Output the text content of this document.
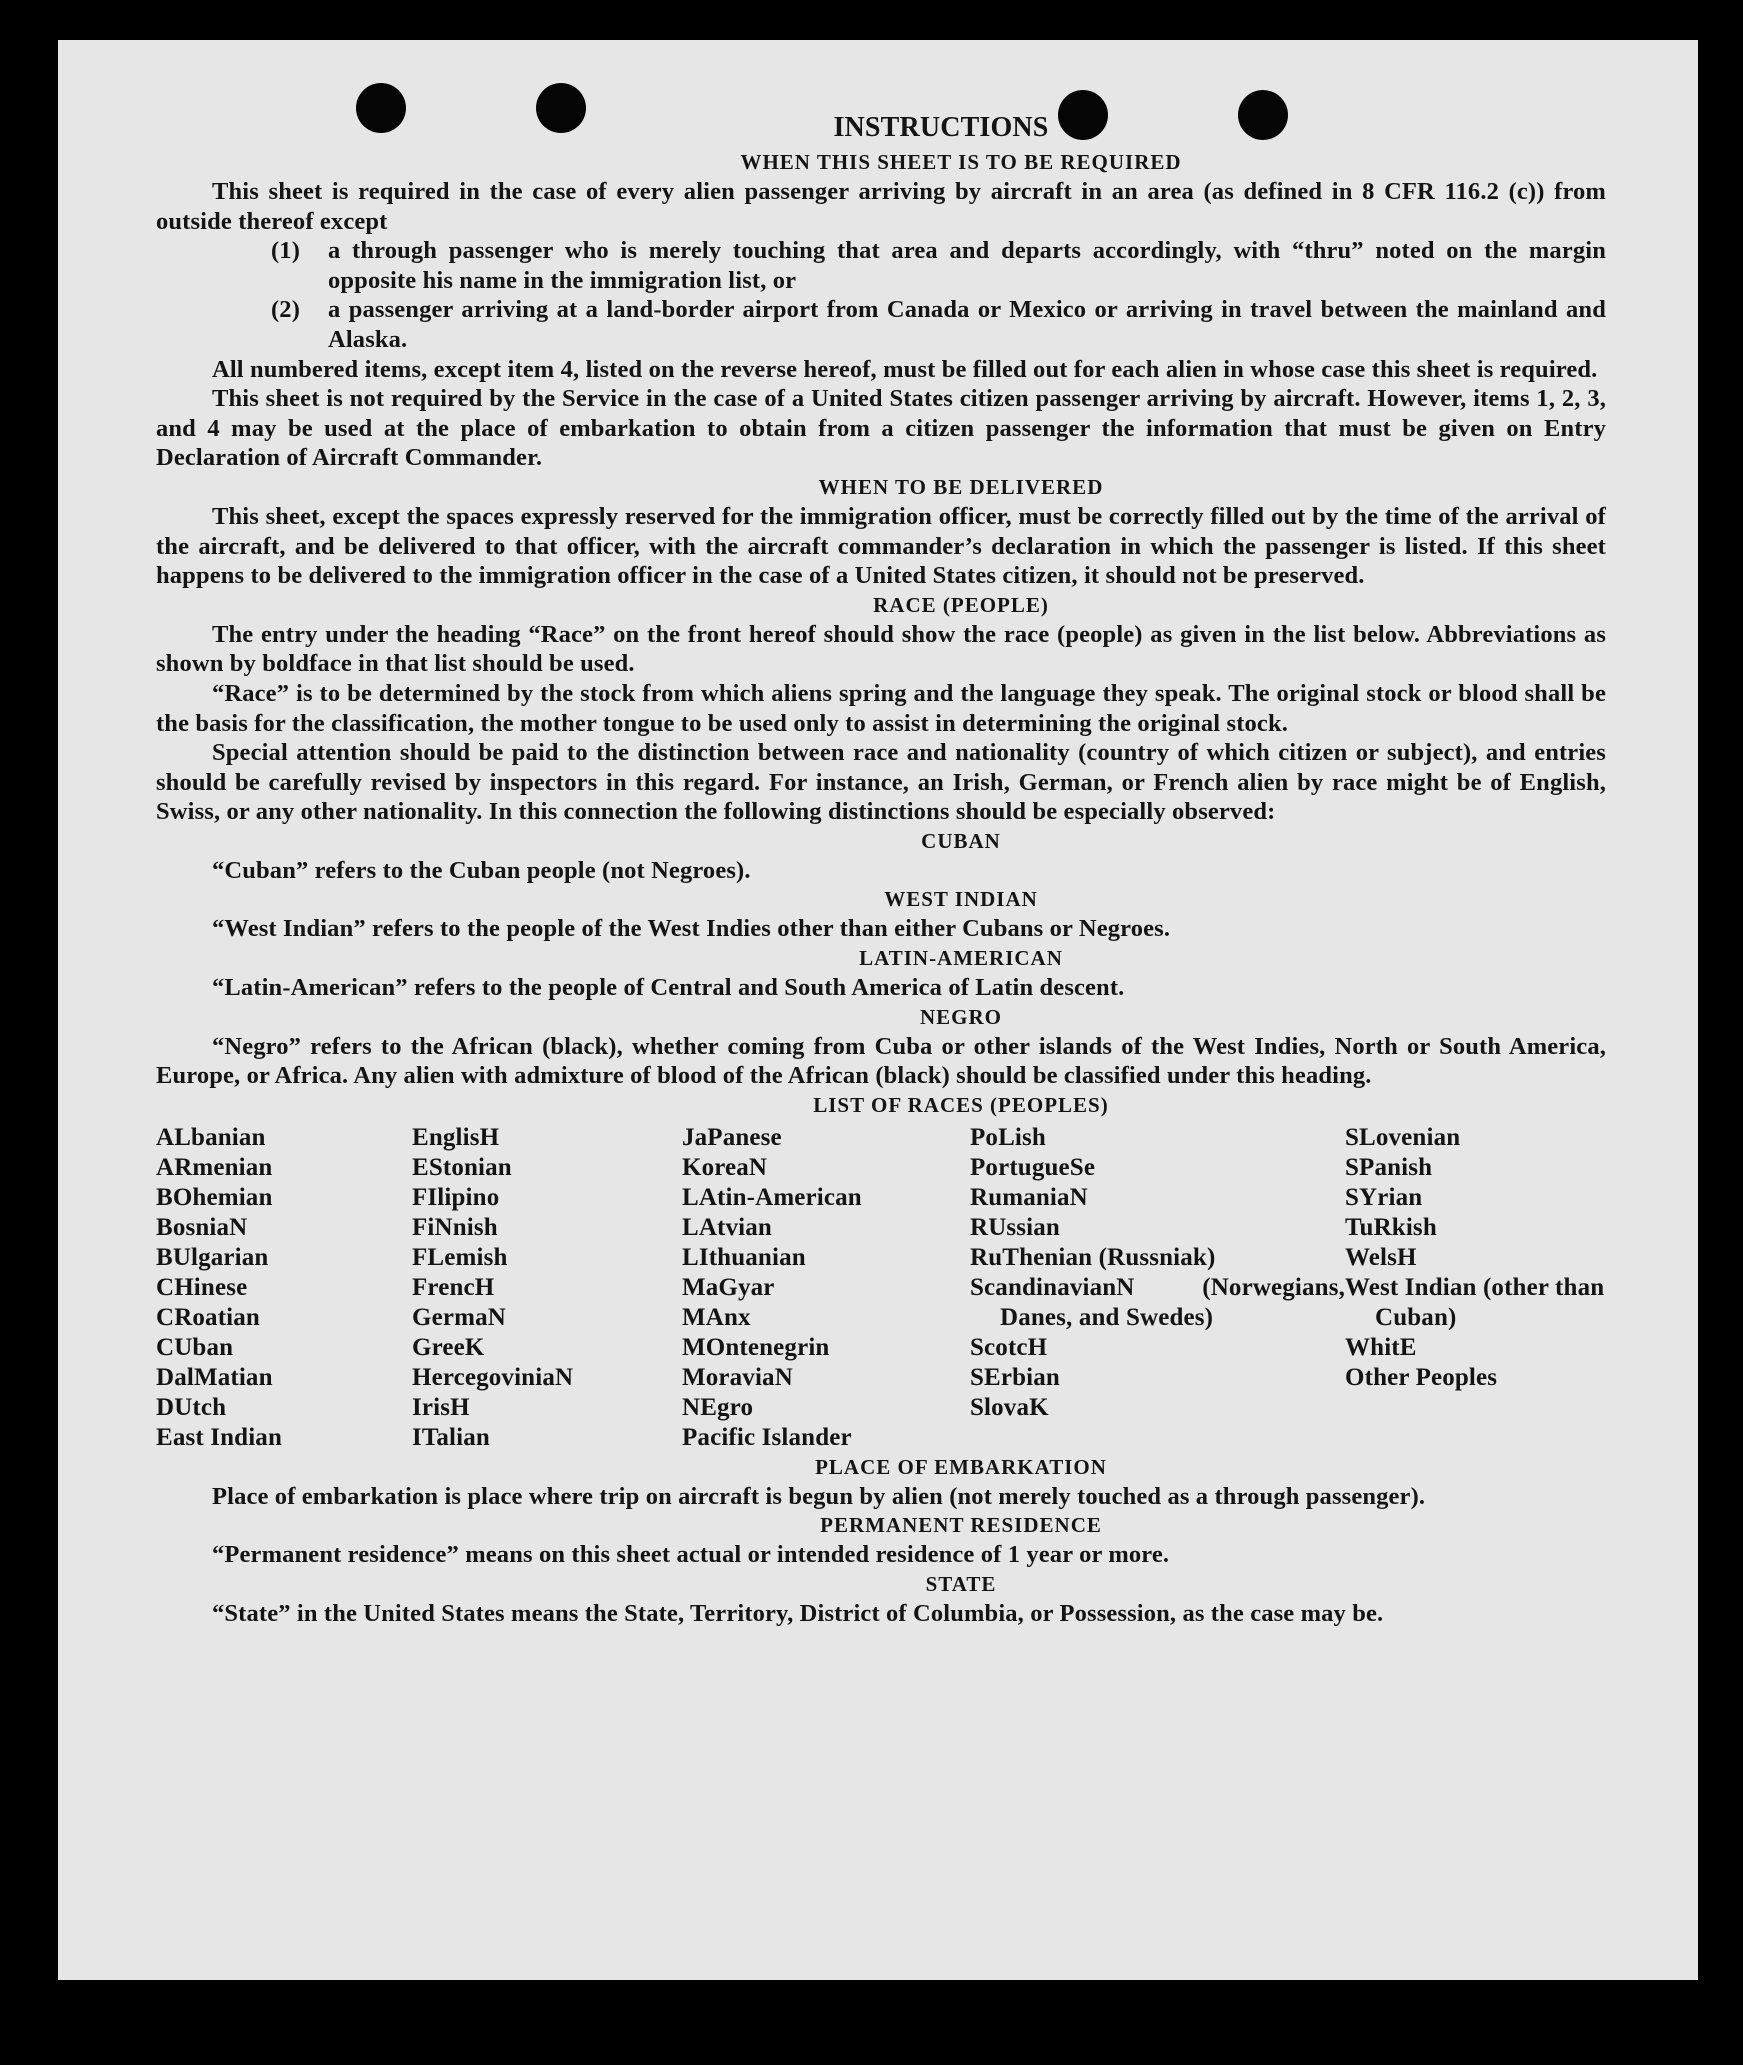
INSTRUCTIONS
WHEN THIS SHEET IS TO BE REQUIRED

This sheet is required in the case of every alien passenger arriving by aircraft in an area (as defined in 8 CFR 116.2 (c)) from outside thereof except

(1)	a through passenger who is merely touching that area and departs accordingly, with “thru” noted on the margin opposite his name in the immigration list, or
(2)	a passenger arriving at a land-border airport from Canada or Mexico or arriving in travel between the mainland and Alaska.

All numbered items, except item 4, listed on the reverse hereof, must be filled out for each alien in whose case this sheet is required.

This sheet is not required by the Service in the case of a United States citizen passenger arriving by aircraft. However, items 1, 2, 3, and 4 may be used at the place of embarkation to obtain from a citizen passenger the information that must be given on Entry Declaration of Aircraft Commander.

WHEN TO BE DELIVERED

This sheet, except the spaces expressly reserved for the immigration officer, must be correctly filled out by the time of the arrival of the aircraft, and be delivered to that officer, with the aircraft commander’s declaration in which the passenger is listed. If this sheet happens to be delivered to the immigration officer in the case of a United States citizen, it should not be preserved.

RACE (PEOPLE)

The entry under the heading “Race” on the front hereof should show the race (people) as given in the list below. Abbreviations as shown by boldface in that list should be used.

“Race” is to be determined by the stock from which aliens spring and the language they speak. The original stock or blood shall be the basis for the classification, the mother tongue to be used only to assist in determining the original stock.

Special attention should be paid to the distinction between race and nationality (country of which citizen or subject), and entries should be carefully revised by inspectors in this regard. For instance, an Irish, German, or French alien by race might be of English, Swiss, or any other nationality. In this connection the following distinctions should be especially observed:

CUBAN

“Cuban” refers to the Cuban people (not Negroes).

WEST INDIAN

“West Indian” refers to the people of the West Indies other than either Cubans or Negroes.

LATIN-AMERICAN

“Latin-American” refers to the people of Central and South America of Latin descent.

NEGRO

“Negro” refers to the African (black), whether coming from Cuba or other islands of the West Indies, North or South America, Europe, or Africa. Any alien with admixture of blood of the African (black) should be classified under this heading.

LIST OF RACES (PEOPLES)
ALbanian
ARmenian
BOhemian
BosniaN
BUlgarian
CHinese
CRoatian
CUban
DalMatian
DUtch
East Indian
EnglisH
EStonian
FIlipino
FiNnish
FLemish
FrencH
GermaN
GreeK
HercegoviniaN
IrisH
ITalian
JaPanese
KoreaN
LAtin-American
LAtvian
LIthuanian
MaGyar
MAnx
MOntenegrin
MoraviaN
NEgro
Pacific Islander
PoLish
PortugueSe
RumaniaN
RUssian
RuThenian (Russniak)
ScandinavianN (Norwegians, Danes, and Swedes)
ScotcH
SErbian
SlovaK
SLovenian
SPanish
SYrian
TuRkish
WelsH
West Indian (other than Cuban)
WhitE
Other Peoples
PLACE OF EMBARKATION

Place of embarkation is place where trip on aircraft is begun by alien (not merely touched as a through passenger).

PERMANENT RESIDENCE

“Permanent residence” means on this sheet actual or intended residence of 1 year or more.

STATE

“State” in the United States means the State, Territory, District of Columbia, or Possession, as the case may be.
